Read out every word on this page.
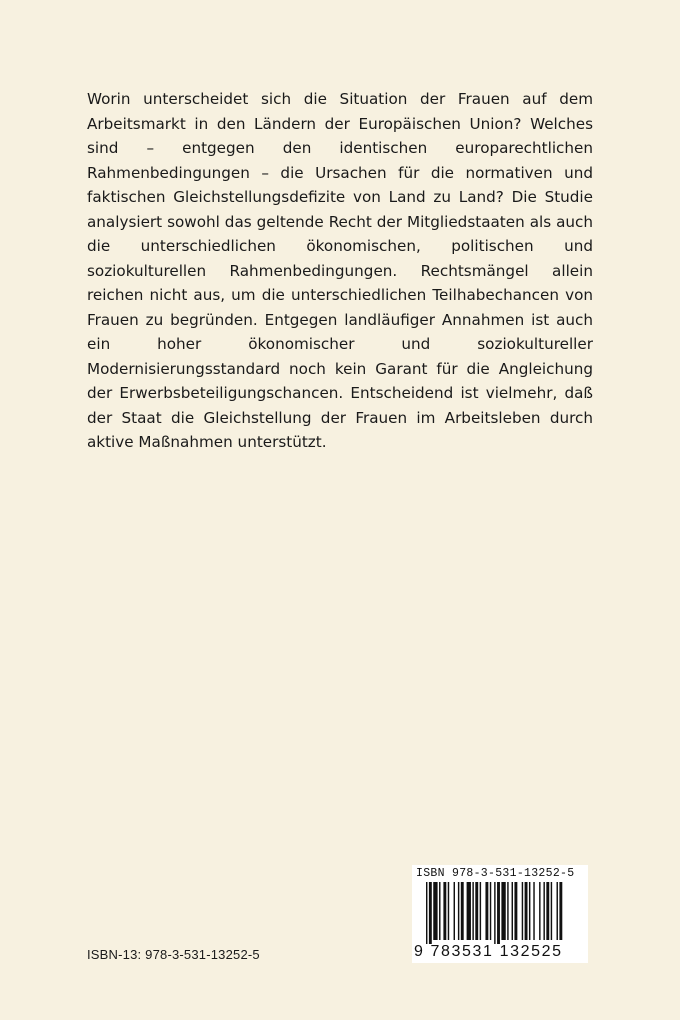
Worin unterscheidet sich die Situation der Frauen auf dem Arbeitsmarkt in den Ländern der Europäischen Union? Welches sind – entgegen den identischen europarechtlichen Rahmenbedingungen – die Ursachen für die normativen und faktischen Gleichstellungsdefizite von Land zu Land? Die Studie analysiert sowohl das geltende Recht der Mitgliedstaaten als auch die unterschiedlichen ökonomischen, politischen und soziokulturellen Rahmenbedingungen. Rechtsmängel allein reichen nicht aus, um die unterschiedlichen Teilhabechancen von Frauen zu begründen. Entgegen landläufiger Annahmen ist auch ein hoher ökonomischer und soziokultureller Modernisierungsstandard noch kein Garant für die Angleichung der Erwerbsbeteiligungschancen. Entscheidend ist vielmehr, daß der Staat die Gleichstellung der Frauen im Arbeitsleben durch aktive Maßnahmen unterstützt.

ISBN-13: 978-3-531-13252-5
ISBN 978-3-531-13252-5
9 783531 132525
